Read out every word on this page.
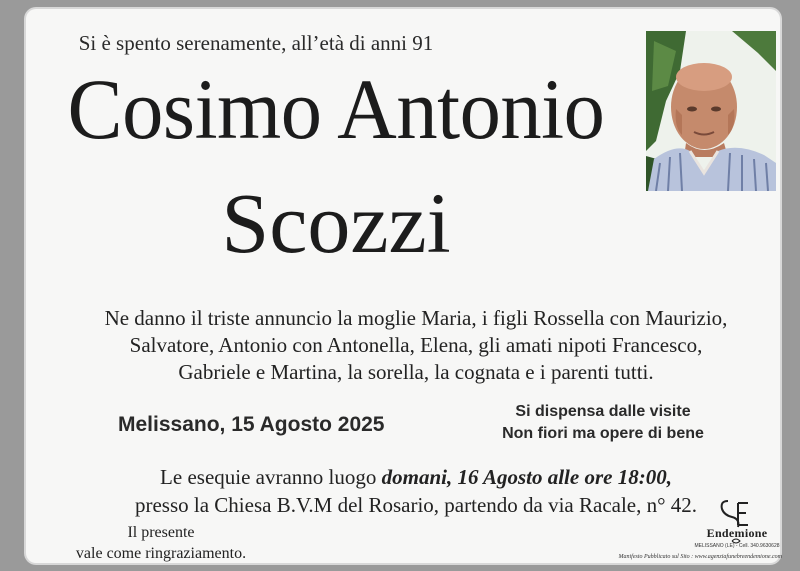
Si è spento serenamente, all’età di anni 91
Cosimo Antonio
Scozzi
Ne danno il triste annuncio la moglie Maria, i figli Rossella con Maurizio,
Salvatore, Antonio con Antonella, Elena, gli amati nipoti Francesco,
Gabriele e Martina, la sorella, la cognata e i parenti tutti.
Melissano, 15 Agosto 2025
Si dispensa dalle visite
Non fiori ma opere di bene
Le esequie avranno luogo domani, 16 Agosto alle ore 18:00,
presso la Chiesa B.V.M del Rosario, partendo da via Racale, n° 42.
Il presente
vale come ringraziamento.
Endemione
MELISSANO (LE) - Cell. 340.9630628
Manifesto Pubblicato sul Sito : www.agenziafunebreendemione.com
